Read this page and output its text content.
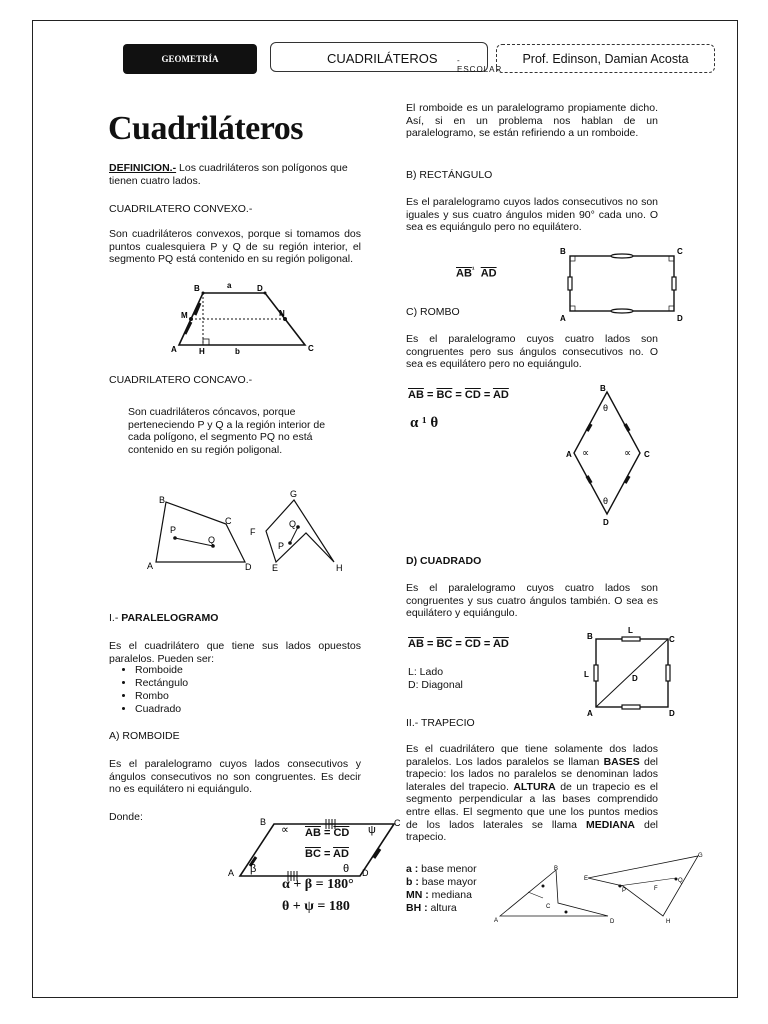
GEOMETRÍA	CUADRILÁTEROS -ESCOLAR
Prof. Edinson, Damian Acosta
Cuadriláteros
DEFINICION.- Los cuadriláteros son polígonos que tienen cuatro lados.
CUADRILATERO CONVEXO.-
Son cuadriláteros convexos, porque si tomamos dos puntos cualesquiera P y Q de su región interior, el segmento PQ está contenido en su región poligonal.
B	a	D
M	N
A	H	b	C
CUADRILATERO CONCAVO.-
Son cuadriláteros cóncavos, porque perteneciendo P y Q a la región interior de cada polígono, el segmento PQ no está contenido en su región poligonal.
B
C
A	D
P
Q
G
F
E	H
P
Q
I.- PARALELOGRAMO
Es el cuadrilátero que tiene sus lados opuestos paralelos. Pueden ser:
• Romboide
• Rectángulo
• Rombo
• Cuadrado
A) ROMBOIDE
Es el paralelogramo cuyos lados consecutivos y ángulos consecutivos no son congruentes. Es decir no es equilátero ni equiángulo.
Donde:	B	C
A	D
∝	ψ
β	θ
$\overline{AB} = \overline{CD}$
$\overline{BC} = \overline{AD}$
α + β = 180°
θ + ψ = 180
El romboide es un paralelogramo propiamente dicho. Así, si en un problema nos hablan de un paralelogramo, se están refiriendo a un romboide.
B) RECTÁNGULO
Es el paralelogramo cuyos lados consecutivos no son iguales y sus cuatro ángulos miden 90° cada uno. O sea es equiángulo pero no equilátero.
$\overline{AB}^{^1}$ $\overline{AD}$
B	C
A	D
C) ROMBO
Es el paralelogramo cuyos cuatro lados son congruentes pero sus ángulos consecutivos no. O sea es equilátero pero no equiángulo.
$\overline{AB} = \overline{BC} = \overline{CD} = \overline{AD}$
α ¹ θ
B
A	C
D
θ
θ
∝	∝
D) CUADRADO
Es el paralelogramo cuyos cuatro lados son congruentes y sus cuatro ángulos también. O sea es equilátero y equiángulo.
$\overline{AB} = \overline{BC} = \overline{CD} = \overline{AD}$
L: Lado
D: Diagonal
B	C
A	D
L
L	D
II.- TRAPECIO
Es el cuadrilátero que tiene solamente dos lados paralelos. Los lados paralelos se llaman BASES del trapecio: los lados no paralelos se denominan lados laterales del trapecio. ALTURA de un trapecio es el segmento perpendicular a las bases comprendido entre ellas. El segmento que une los puntos medios de los lados laterales se llama MEDIANA del trapecio.
a : base menor
b : base mayor
MN : mediana
BH : altura
B
C
A	D
G
E
F
H
P
Q
